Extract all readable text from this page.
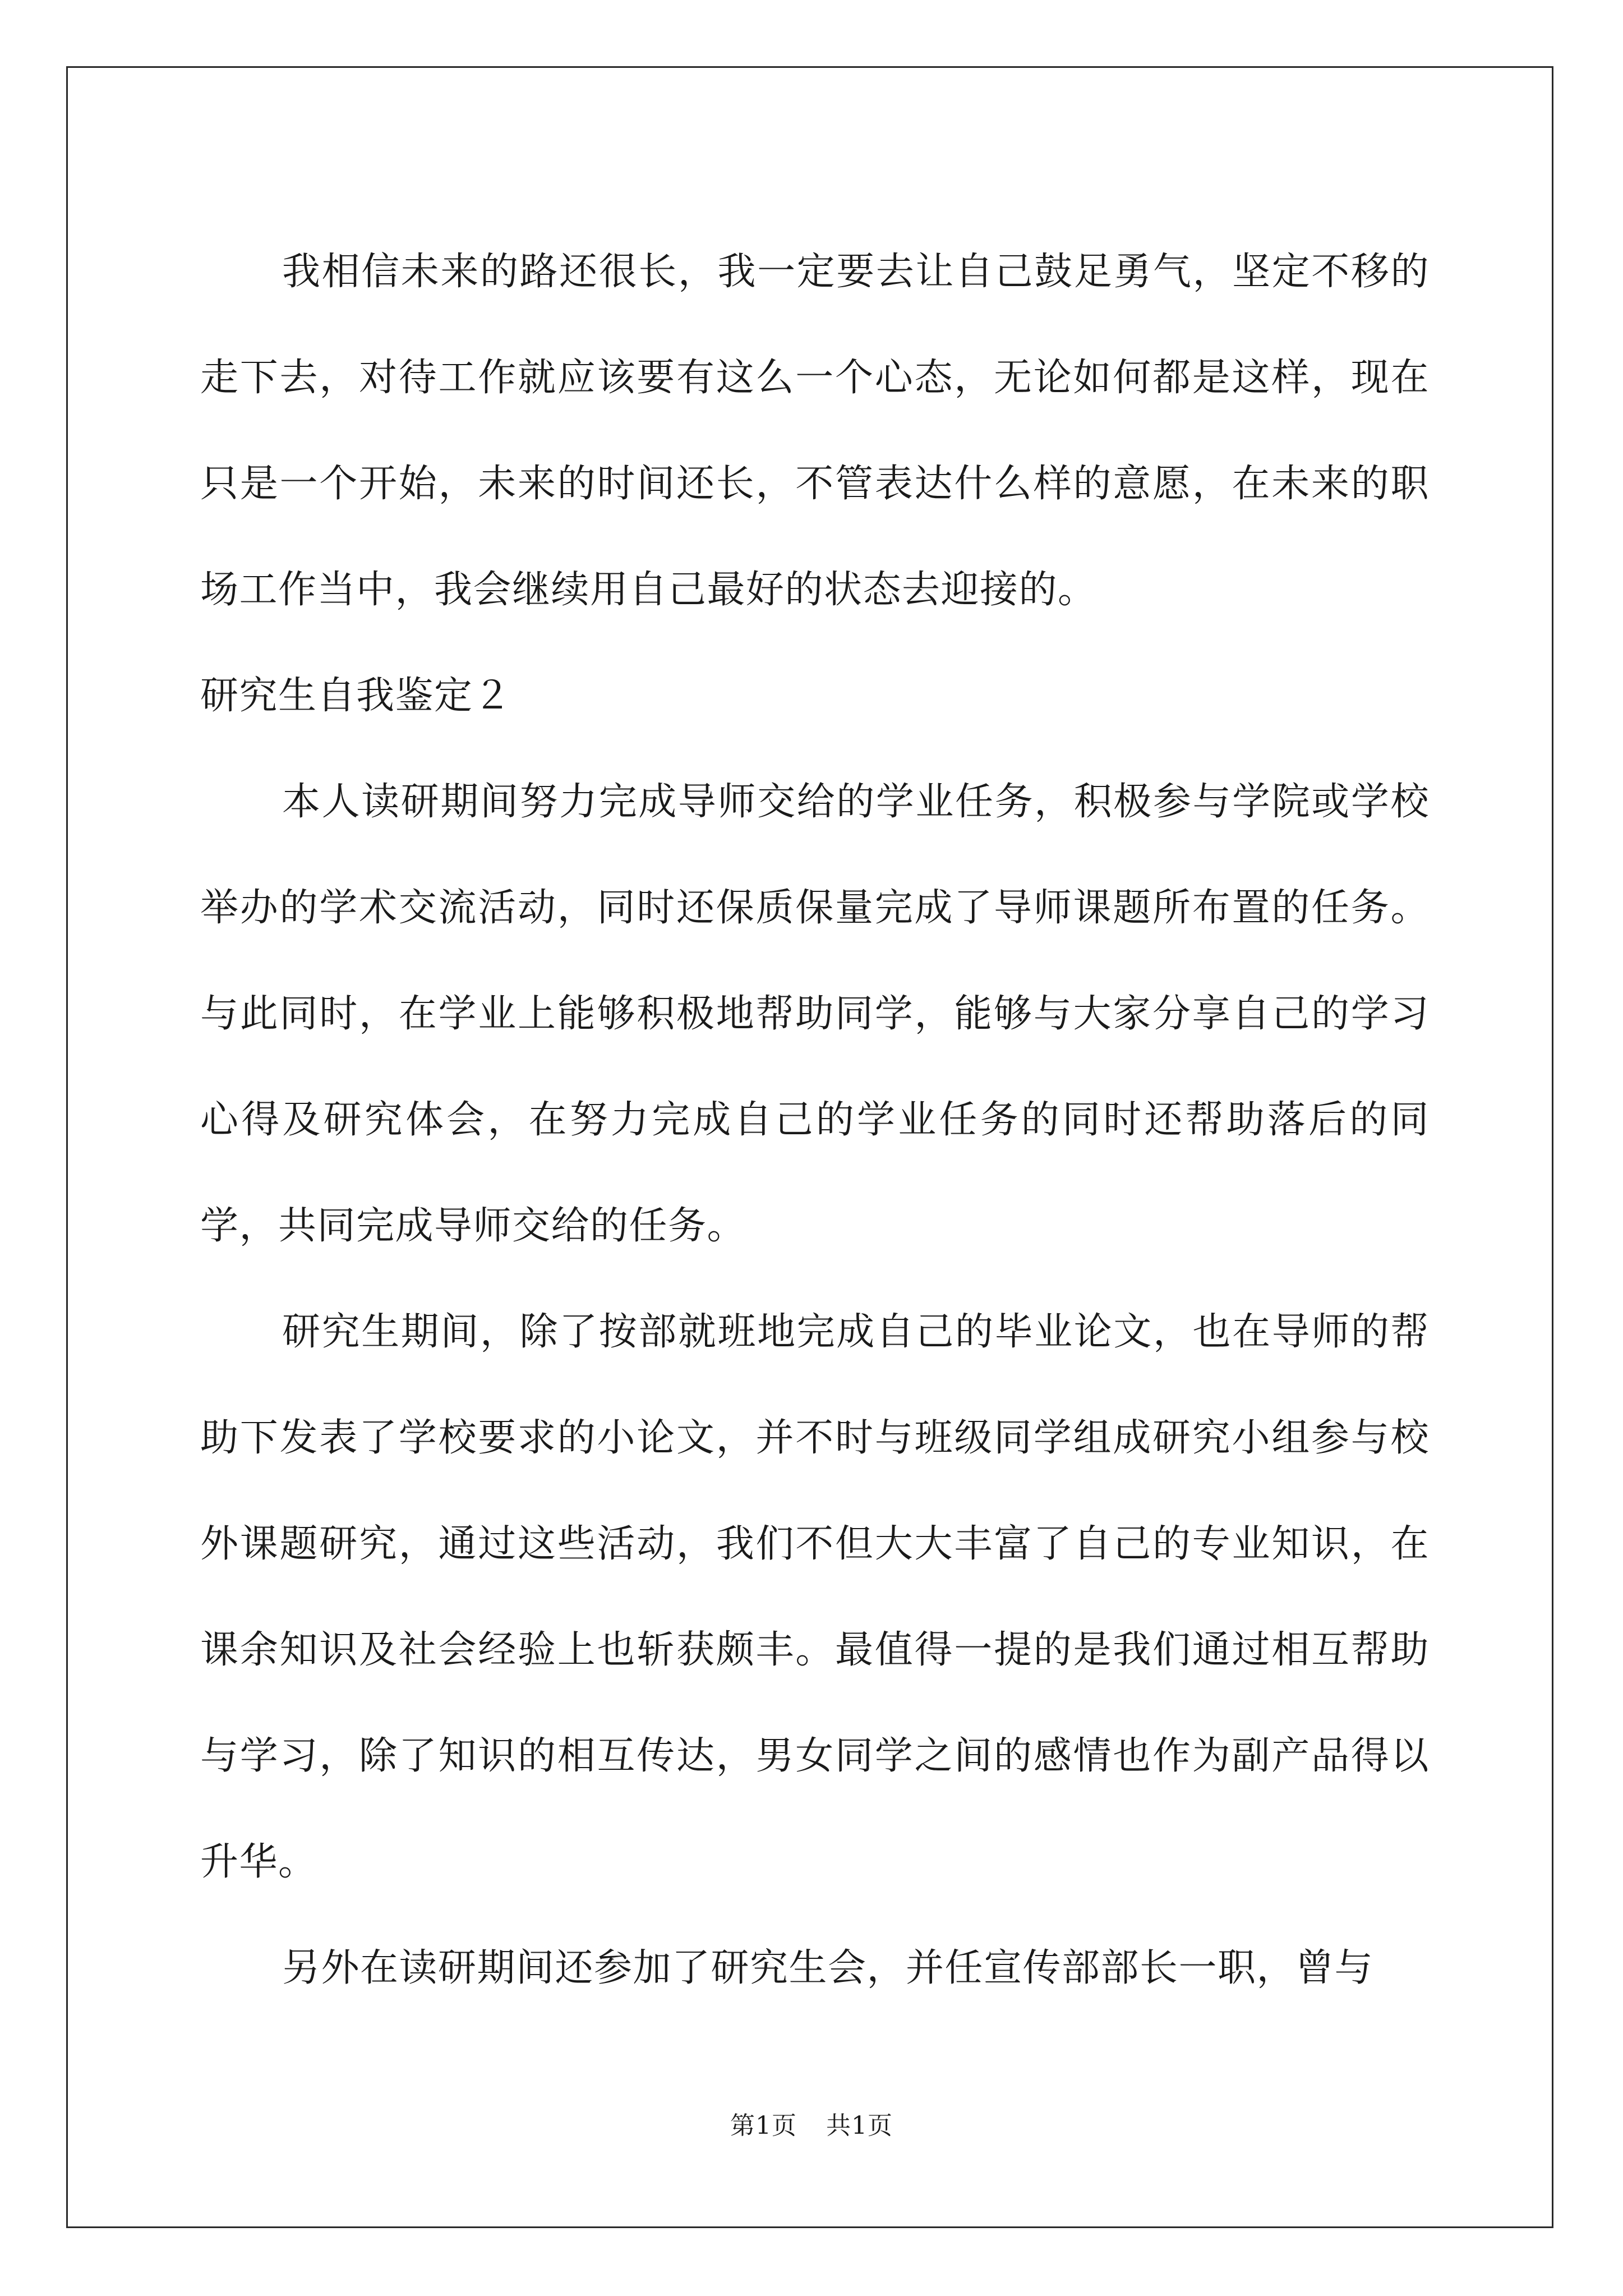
我相信未来的路还很长，我一定要去让自己鼓足勇气，坚定不移的走下去，对待工作就应该要有这么一个心态，无论如何都是这样，现在只是一个开始，未来的时间还长，不管表达什么样的意愿，在未来的职场工作当中，我会继续用自己最好的状态去迎接的。

研究生自我鉴定２

本人读研期间努力完成导师交给的学业任务，积极参与学院或学校举办的学术交流活动，同时还保质保量完成了导师课题所布置的任务。与此同时，在学业上能够积极地帮助同学，能够与大家分享自己的学习心得及研究体会，在努力完成自己的学业任务的同时还帮助落后的同学，共同完成导师交给的任务。

研究生期间，除了按部就班地完成自己的毕业论文，也在导师的帮助下发表了学校要求的小论文，并不时与班级同学组成研究小组参与校外课题研究，通过这些活动，我们不但大大丰富了自己的专业知识，在课余知识及社会经验上也斩获颇丰。最值得一提的是我们通过相互帮助与学习，除了知识的相互传达，男女同学之间的感情也作为副产品得以升华。

另外在读研期间还参加了研究生会，并任宣传部部长一职，曾与

第1页 共1页
